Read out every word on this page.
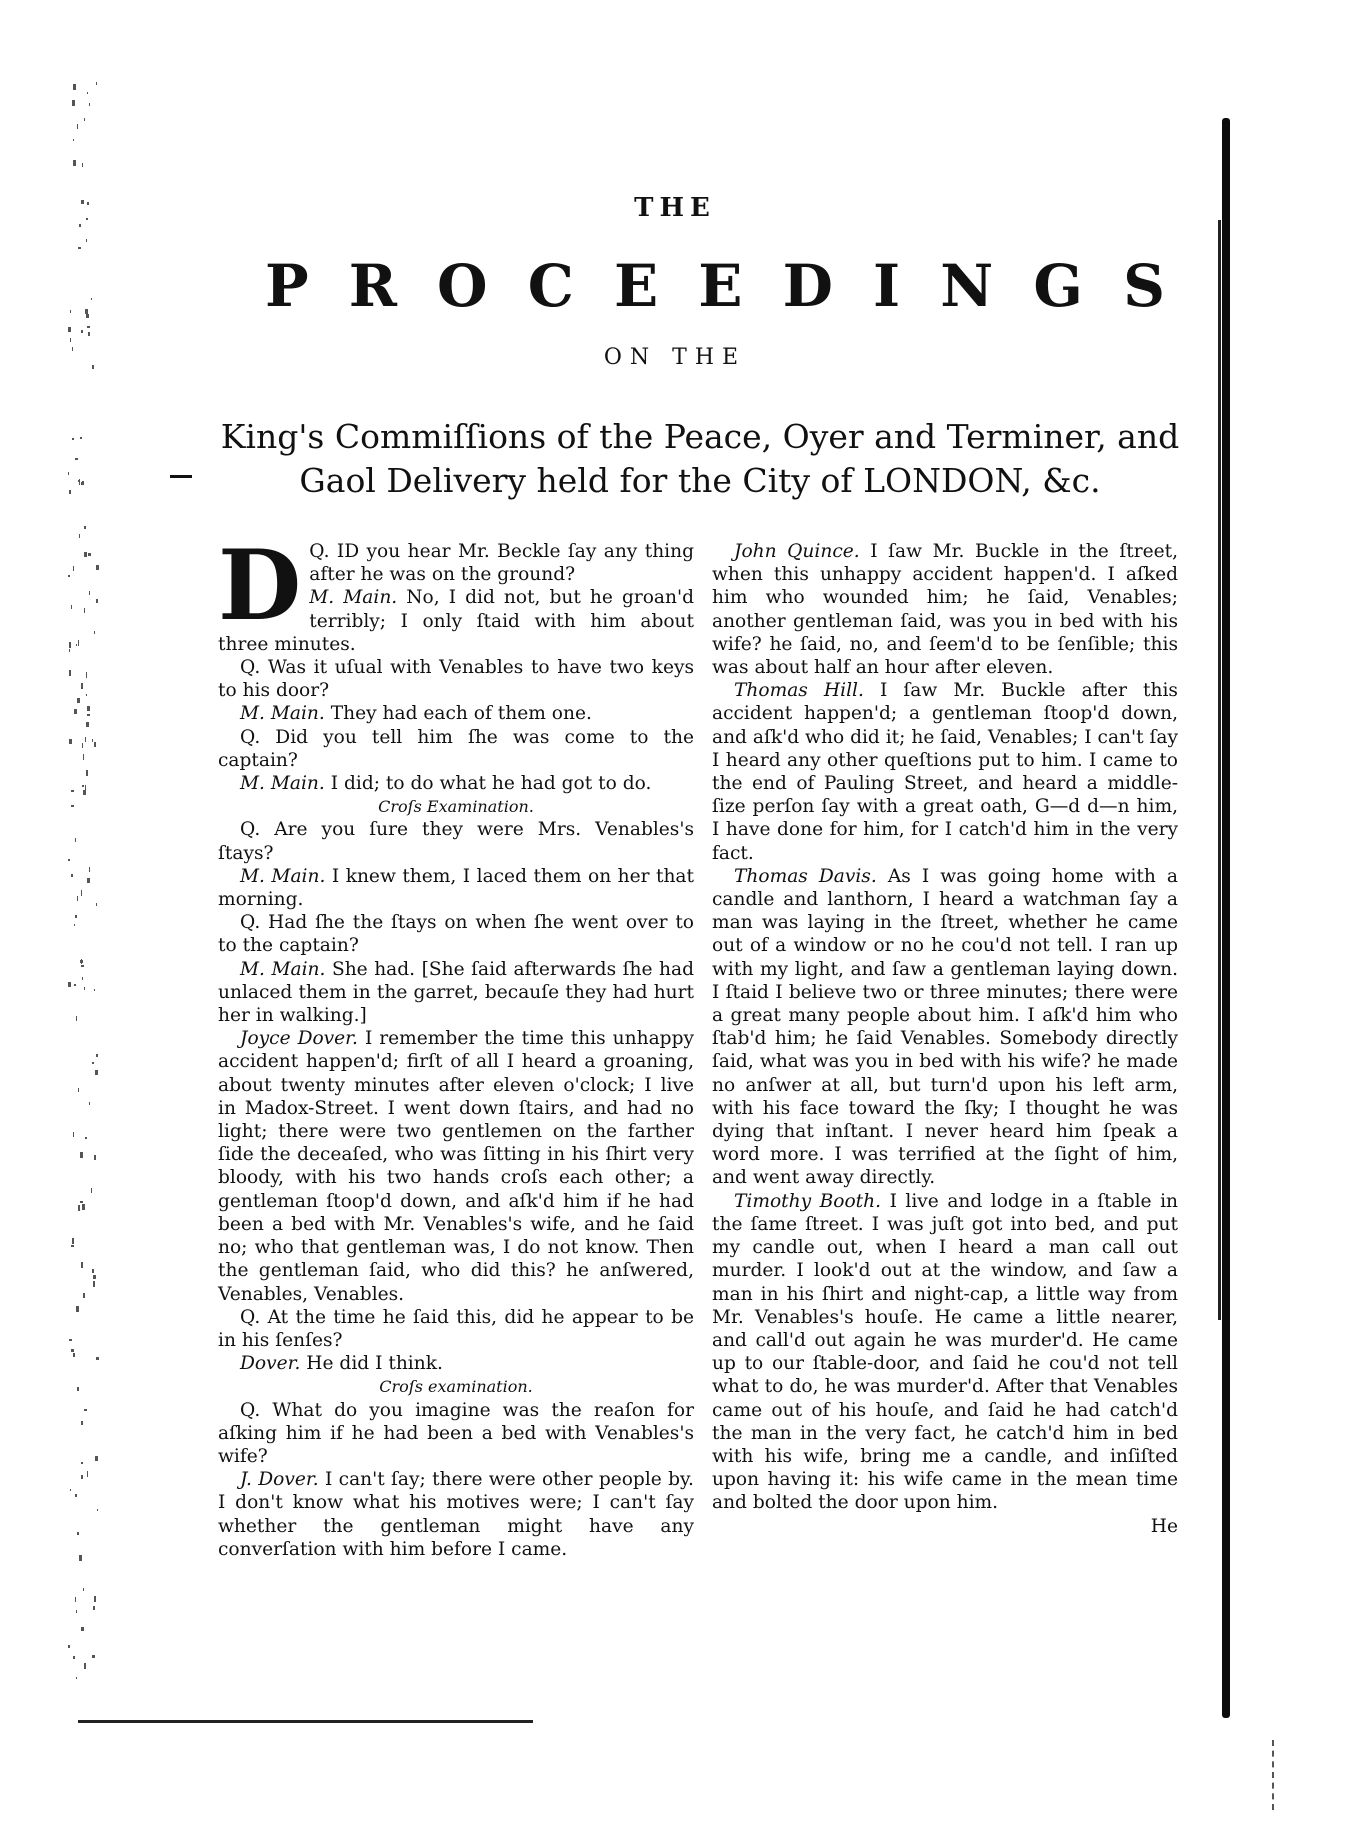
THE
P R O C E E D I N G S
ON THE
King's Commiſſions of the Peace, Oyer and Terminer, and
Gaol Delivery held for the City of LONDON, &c.

D Q. ID you hear Mr. Beckle ſay any thing after he was on the ground?
M. Main. No, I did not, but he groan'd terribly; I only ſtaid with him about three minutes.

Q. Was it uſual with Venables to have two keys to his door?

M. Main. They had each of them one.

Q. Did you tell him ſhe was come to the captain?

M. Main. I did; to do what he had got to do.

Croſs Examination.

Q. Are you ſure they were Mrs. Venables's ſtays?

M. Main. I knew them, I laced them on her that morning.

Q. Had ſhe the ſtays on when ſhe went over to to the captain?

M. Main. She had. [She ſaid afterwards ſhe had unlaced them in the garret, becauſe they had hurt her in walking.]

Joyce Dover. I remember the time this unhappy accident happen'd; firſt of all I heard a groaning, about twenty minutes after eleven o'clock; I live in Madox-Street. I went down ſtairs, and had no light; there were two gentlemen on the farther ſide the deceaſed, who was ſitting in his ſhirt very bloody, with his two hands croſs each other; a gentleman ſtoop'd down, and aſk'd him if he had been a bed with Mr. Venables's wife, and he ſaid no; who that gentleman was, I do not know. Then the gentleman ſaid, who did this? he anſwered, Venables, Venables.

Q. At the time he ſaid this, did he appear to be in his ſenſes?

Dover. He did I think.

Croſs examination.

Q. What do you imagine was the reaſon for aſking him if he had been a bed with Venables's wife?

J. Dover. I can't ſay; there were other people by. I don't know what his motives were; I can't ſay whether the gentleman might have any converſation with him before I came.

John Quince. I ſaw Mr. Buckle in the ſtreet, when this unhappy accident happen'd. I aſked him who wounded him; he ſaid, Venables; another gentleman ſaid, was you in bed with his wife? he ſaid, no, and ſeem'd to be ſenſible; this was about half an hour after eleven.

Thomas Hill. I ſaw Mr. Buckle after this accident happen'd; a gentleman ſtoop'd down, and aſk'd who did it; he ſaid, Venables; I can't ſay I heard any other queſtions put to him. I came to the end of Pauling Street, and heard a middle-ſize perſon ſay with a great oath, G—d d—n him, I have done for him, for I catch'd him in the very fact.

Thomas Davis. As I was going home with a candle and lanthorn, I heard a watchman ſay a man was laying in the ſtreet, whether he came out of a window or no he cou'd not tell. I ran up with my light, and ſaw a gentleman laying down. I ſtaid I believe two or three minutes; there were a great many people about him. I aſk'd him who ſtab'd him; he ſaid Venables. Somebody directly ſaid, what was you in bed with his wife? he made no anſwer at all, but turn'd upon his left arm, with his face toward the ſky; I thought he was dying that inſtant. I never heard him ſpeak a word more. I was terrified at the ſight of him, and went away directly.

Timothy Booth. I live and lodge in a ſtable in the ſame ſtreet. I was juſt got into bed, and put my candle out, when I heard a man call out murder. I look'd out at the window, and ſaw a man in his ſhirt and night-cap, a little way from Mr. Venables's houſe. He came a little nearer, and call'd out again he was murder'd. He came up to our ſtable-door, and ſaid he cou'd not tell what to do, he was murder'd. After that Venables came out of his houſe, and ſaid he had catch'd the man in the very fact, he catch'd him in bed with his wife, bring me a candle, and inſiſted upon having it: his wife came in the mean time and bolted the door upon him.

He
